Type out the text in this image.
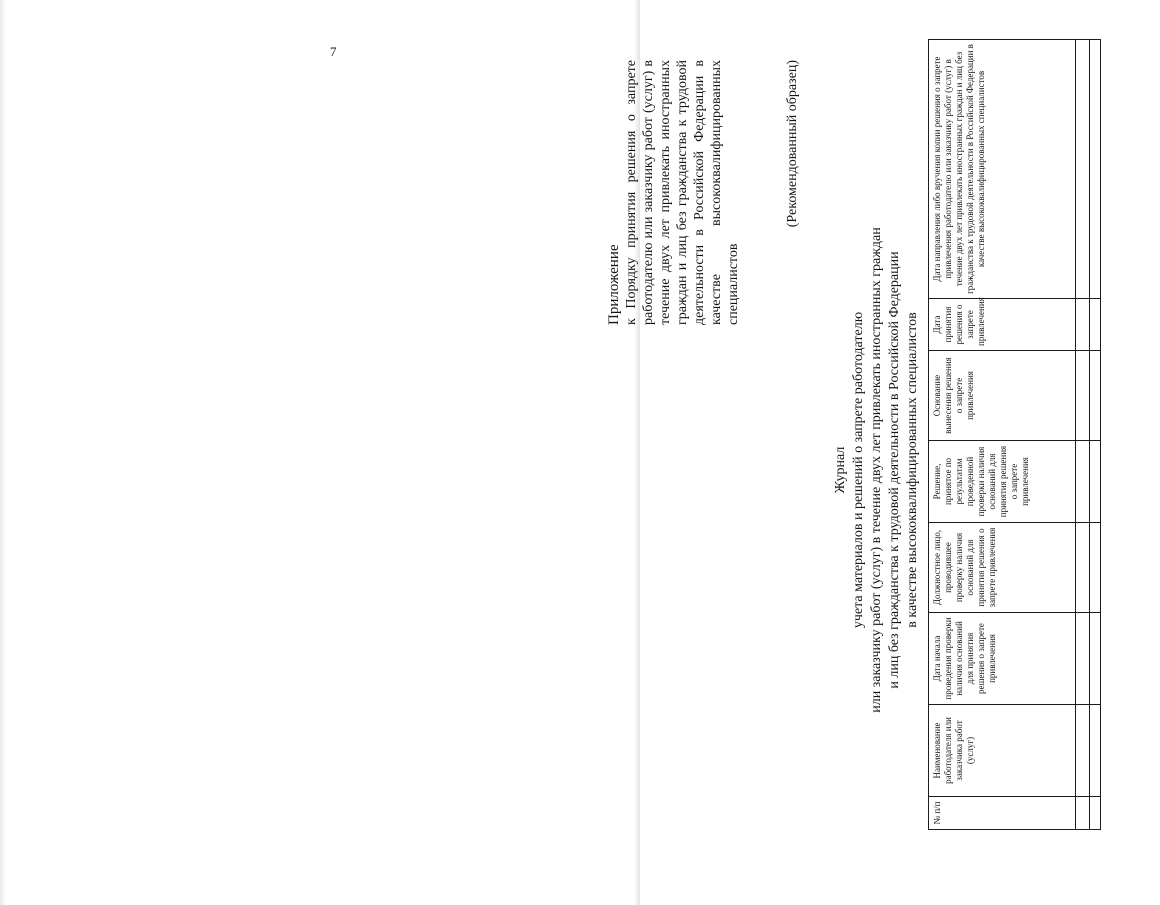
7
Приложение к Порядку принятия решения о запрете работодателю или заказчику работ (услуг) в течение двух лет привлекать иностранных граждан и лиц без гражданства к трудовой деятельности в Российской Федерации в качестве высококвалифицированных специалистов
(Рекомендованный образец)
Журнал учета материалов и решений о запрете работодателю или заказчику работ (услуг) в течение двух лет привлекать иностранных граждан и лиц без гражданства к трудовой деятельности в Российской Федерации в качестве высококвалифицированных специалистов
№ п/п	Наименование работодателя или заказчика работ (услуг)	Дата начала проведения проверки наличия оснований для принятия решения о запрете привлечения	Должностное лицо, проводившее проверку наличия оснований для принятия решения о запрете привлечения	Решение, принятое по результатам проведенной проверки наличия оснований для принятия решения о запрете привлечения	Основание вынесения решения о запрете привлечения	Дата принятия решения о запрете привлечения	Дата направления либо вручения копии решения о запрете привлечения работодателю или заказчику работ (услуг) в течение двух лет привлекать иностранных граждан и лиц без гражданства к трудовой деятельности в Российской Федерации в качестве высококвалифицированных специалистов
